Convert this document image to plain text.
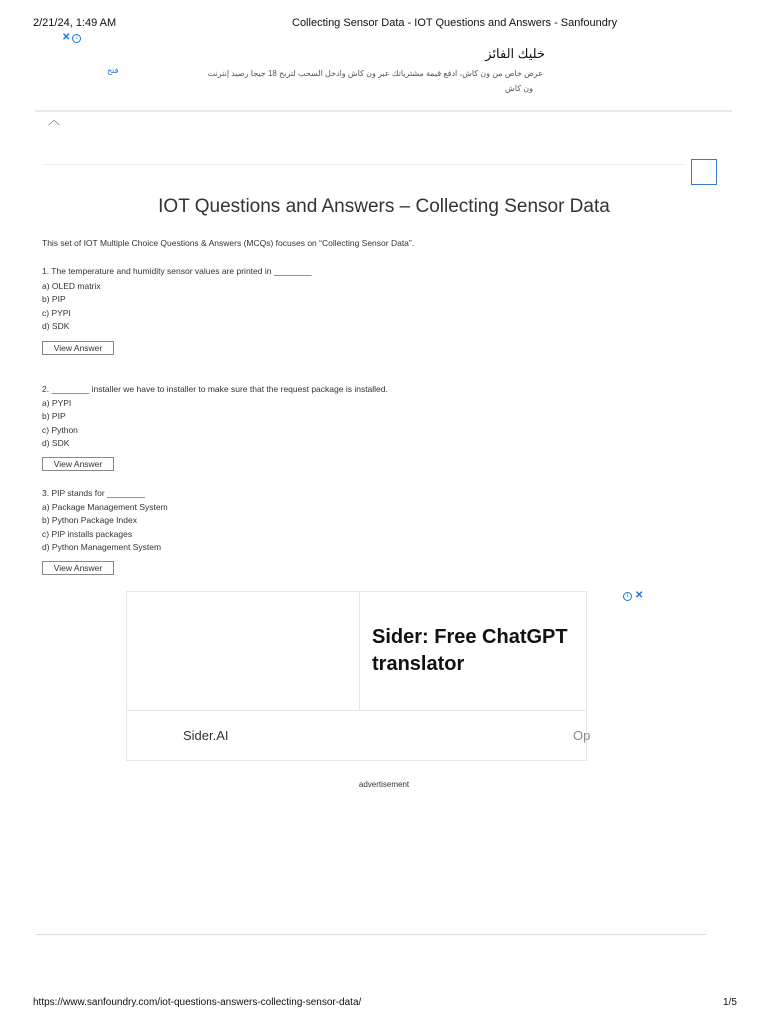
2/21/24, 1:49 AM	Collecting Sensor Data - IOT Questions and Answers - Sanfoundry
✕ i
خليك الفائز
عرض خاص من ون كاش، ادفع قيمة مشترياتك عبر ون كاش وادخل السحب لتربح 18 جيجا رصيد إنترنت
ون كاش
فتح
︿
IOT Questions and Answers – Collecting Sensor Data
This set of IOT Multiple Choice Questions & Answers (MCQs) focuses on “Collecting Sensor Data”.
1. The temperature and humidity sensor values are printed in ________
a) OLED matrix
b) PIP
c) PYPI
d) SDK
View Answer
2. ________ installer we have to installer to make sure that the request package is installed.
a) PYPI
b) PIP
c) Python
d) SDK
View Answer
3. PIP stands for ________
a) Package Management System
b) Python Package Index
c) PIP installs packages
d) Python Management System
View Answer
Sider: Free ChatGPT
translator
Sider.AI	Op
i ✕
advertisement
https://www.sanfoundry.com/iot-questions-answers-collecting-sensor-data/	1/5
